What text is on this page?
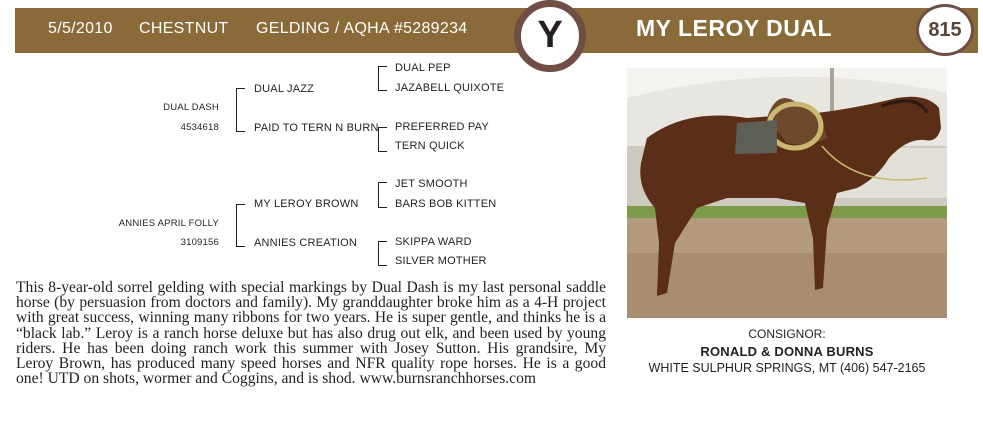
5/5/2010 CHESTNUT GELDING / AQHA #5289234	Y	MY LEROY DUAL	815
DUAL DASH
4534618
ANNIES APRIL FOLLY
3109156
DUAL JAZZ
PAID TO TERN N BURN
MY LEROY BROWN
ANNIES CREATION
DUAL PEP
JAZABELL QUIXOTE
PREFERRED PAY
TERN QUICK
JET SMOOTH
BARS BOB KITTEN
SKIPPA WARD
SILVER MOTHER
This 8-year-old sorrel gelding with special markings by Dual Dash is my last personal saddle horse (by persuasion from doctors and family). My granddaughter broke him as a 4-H project with great success, winning many ribbons for two years. He is super gentle, and thinks he is a “black lab.” Leroy is a ranch horse deluxe but has also drug out elk, and been used by young riders. He has been doing ranch work this summer with Josey Sutton. His grandsire, My Leroy Brown, has produced many speed horses and NFR quality rope horses. He is a good one! UTD on shots, wormer and Coggins, and is shod. www.burnsranchhorses.com
CONSIGNOR:
RONALD & DONNA BURNS
WHITE SULPHUR SPRINGS, MT (406) 547-2165
